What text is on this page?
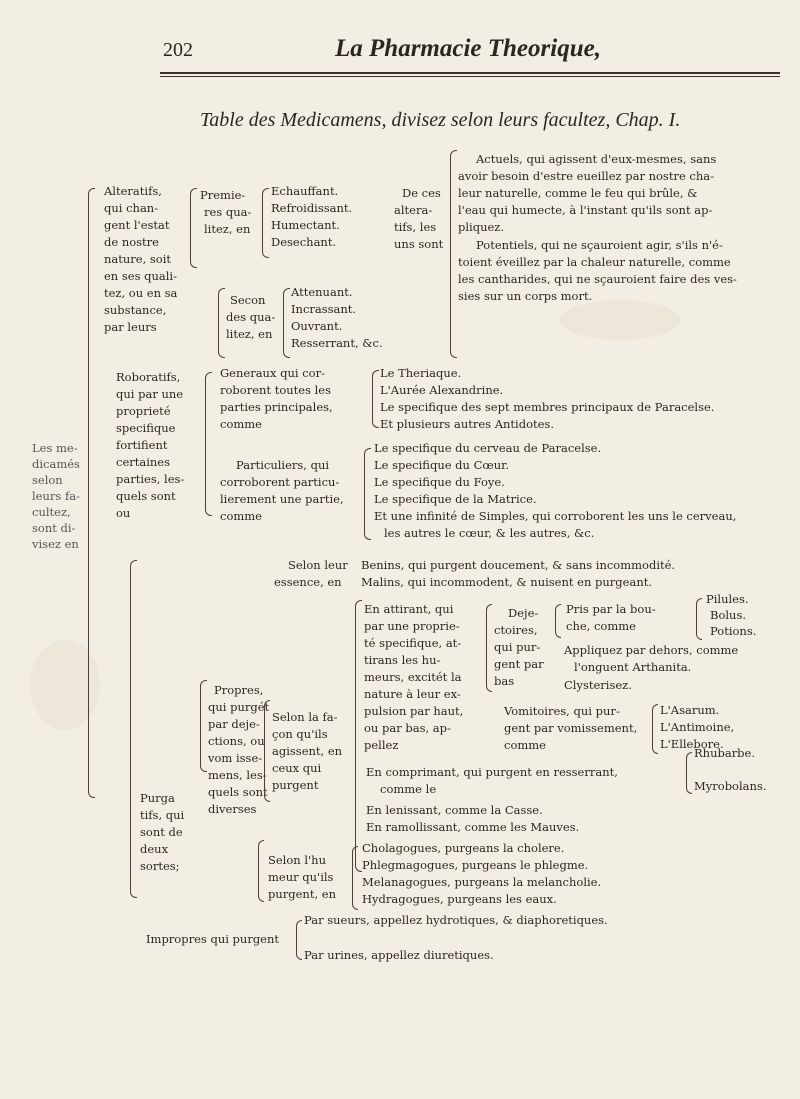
202	La Pharmacie Theorique,
Table des Medicamens, divisez selon leurs facultez, Chap. I.
Les me-
dicamés
selon
leurs fa-
cultez,
sont di-
visez en
Alteratifs,
qui chan-
gent l'estat
de nostre
nature, soit
en ses quali-
tez, ou en sa
substance,
par leurs
Premie-
res qua-
litez, en
Echauffant.
Refroidissant.
Humectant.
Desechant.
Secon
des qua-
litez, en
Attenuant.
Incrassant.
Ouvrant.
Resserrant, &c.
De ces
altera-
tifs, les
uns sont
Actuels, qui agissent d'eux-mesmes, sans
avoir besoin d'estre eueillez par nostre cha-
leur naturelle, comme le feu qui brûle, &
l'eau qui humecte, à l'instant qu'ils sont ap-
pliquez.
Potentiels, qui ne sçauroient agir, s'ils n'é-
toient éveillez par la chaleur naturelle, comme
les cantharides, qui ne sçauroient faire des ves-
sies sur un corps mort.
Roboratifs,
qui par une
proprieté
specifique
fortifient
certaines
parties, les-
quels sont
ou
Generaux qui cor-
roborent toutes les
parties principales,
comme
Le Theriaque.
L'Aurée Alexandrine.
Le specifique des sept membres principaux de Paracelse.
Et plusieurs autres Antidotes.
Particuliers, qui
corroborent particu-
lierement une partie,
comme
Le specifique du cerveau de Paracelse.
Le specifique du Cœur.
Le specifique du Foye.
Le specifique de la Matrice.
Et une infinité de Simples, qui corroborent les uns le cerveau,
les autres le cœur, & les autres, &c.
Purga
tifs, qui
sont de
deux
sortes;
Selon leur
essence, en
Benins, qui purgent doucement, & sans incommodité.
Malins, qui incommodent, & nuisent en purgeant.
Propres,
qui purgét
par deje-
ctions, ou
vom isse-
mens, les-
quels sont
diverses
Selon la fa-
çon qu'ils
agissent, en
ceux qui
purgent
En attirant, qui
par une proprie-
té specifique, at-
tirans les hu-
meurs, excitét la
nature à leur ex-
pulsion par haut,
ou par bas, ap-
pellez
Deje-
ctoires,
qui pur-
gent par
bas
Pris par la bou-
che, comme
Pilules.
Bolus.
Potions.
Appliquez par dehors, comme
l'onguent Arthanita.
Clysterisez.
Vomitoires, qui pur-
gent par vomissement,
comme
L'Asarum.
L'Antimoine,
L'Ellebore.
En comprimant, qui purgent en resserrant,
comme le
Rhubarbe.
Myrobolans.
En lenissant, comme la Casse.
En ramollissant, comme les Mauves.
Selon l'hu
meur qu'ils
purgent, en
Cholagogues, purgeans la cholere.
Phlegmagogues, purgeans le phlegme.
Melanagogues, purgeans la melancholie.
Hydragogues, purgeans les eaux.
Impropres qui purgent
Par sueurs, appellez hydrotiques, & diaphoretiques.
Par urines, appellez diuretiques.
